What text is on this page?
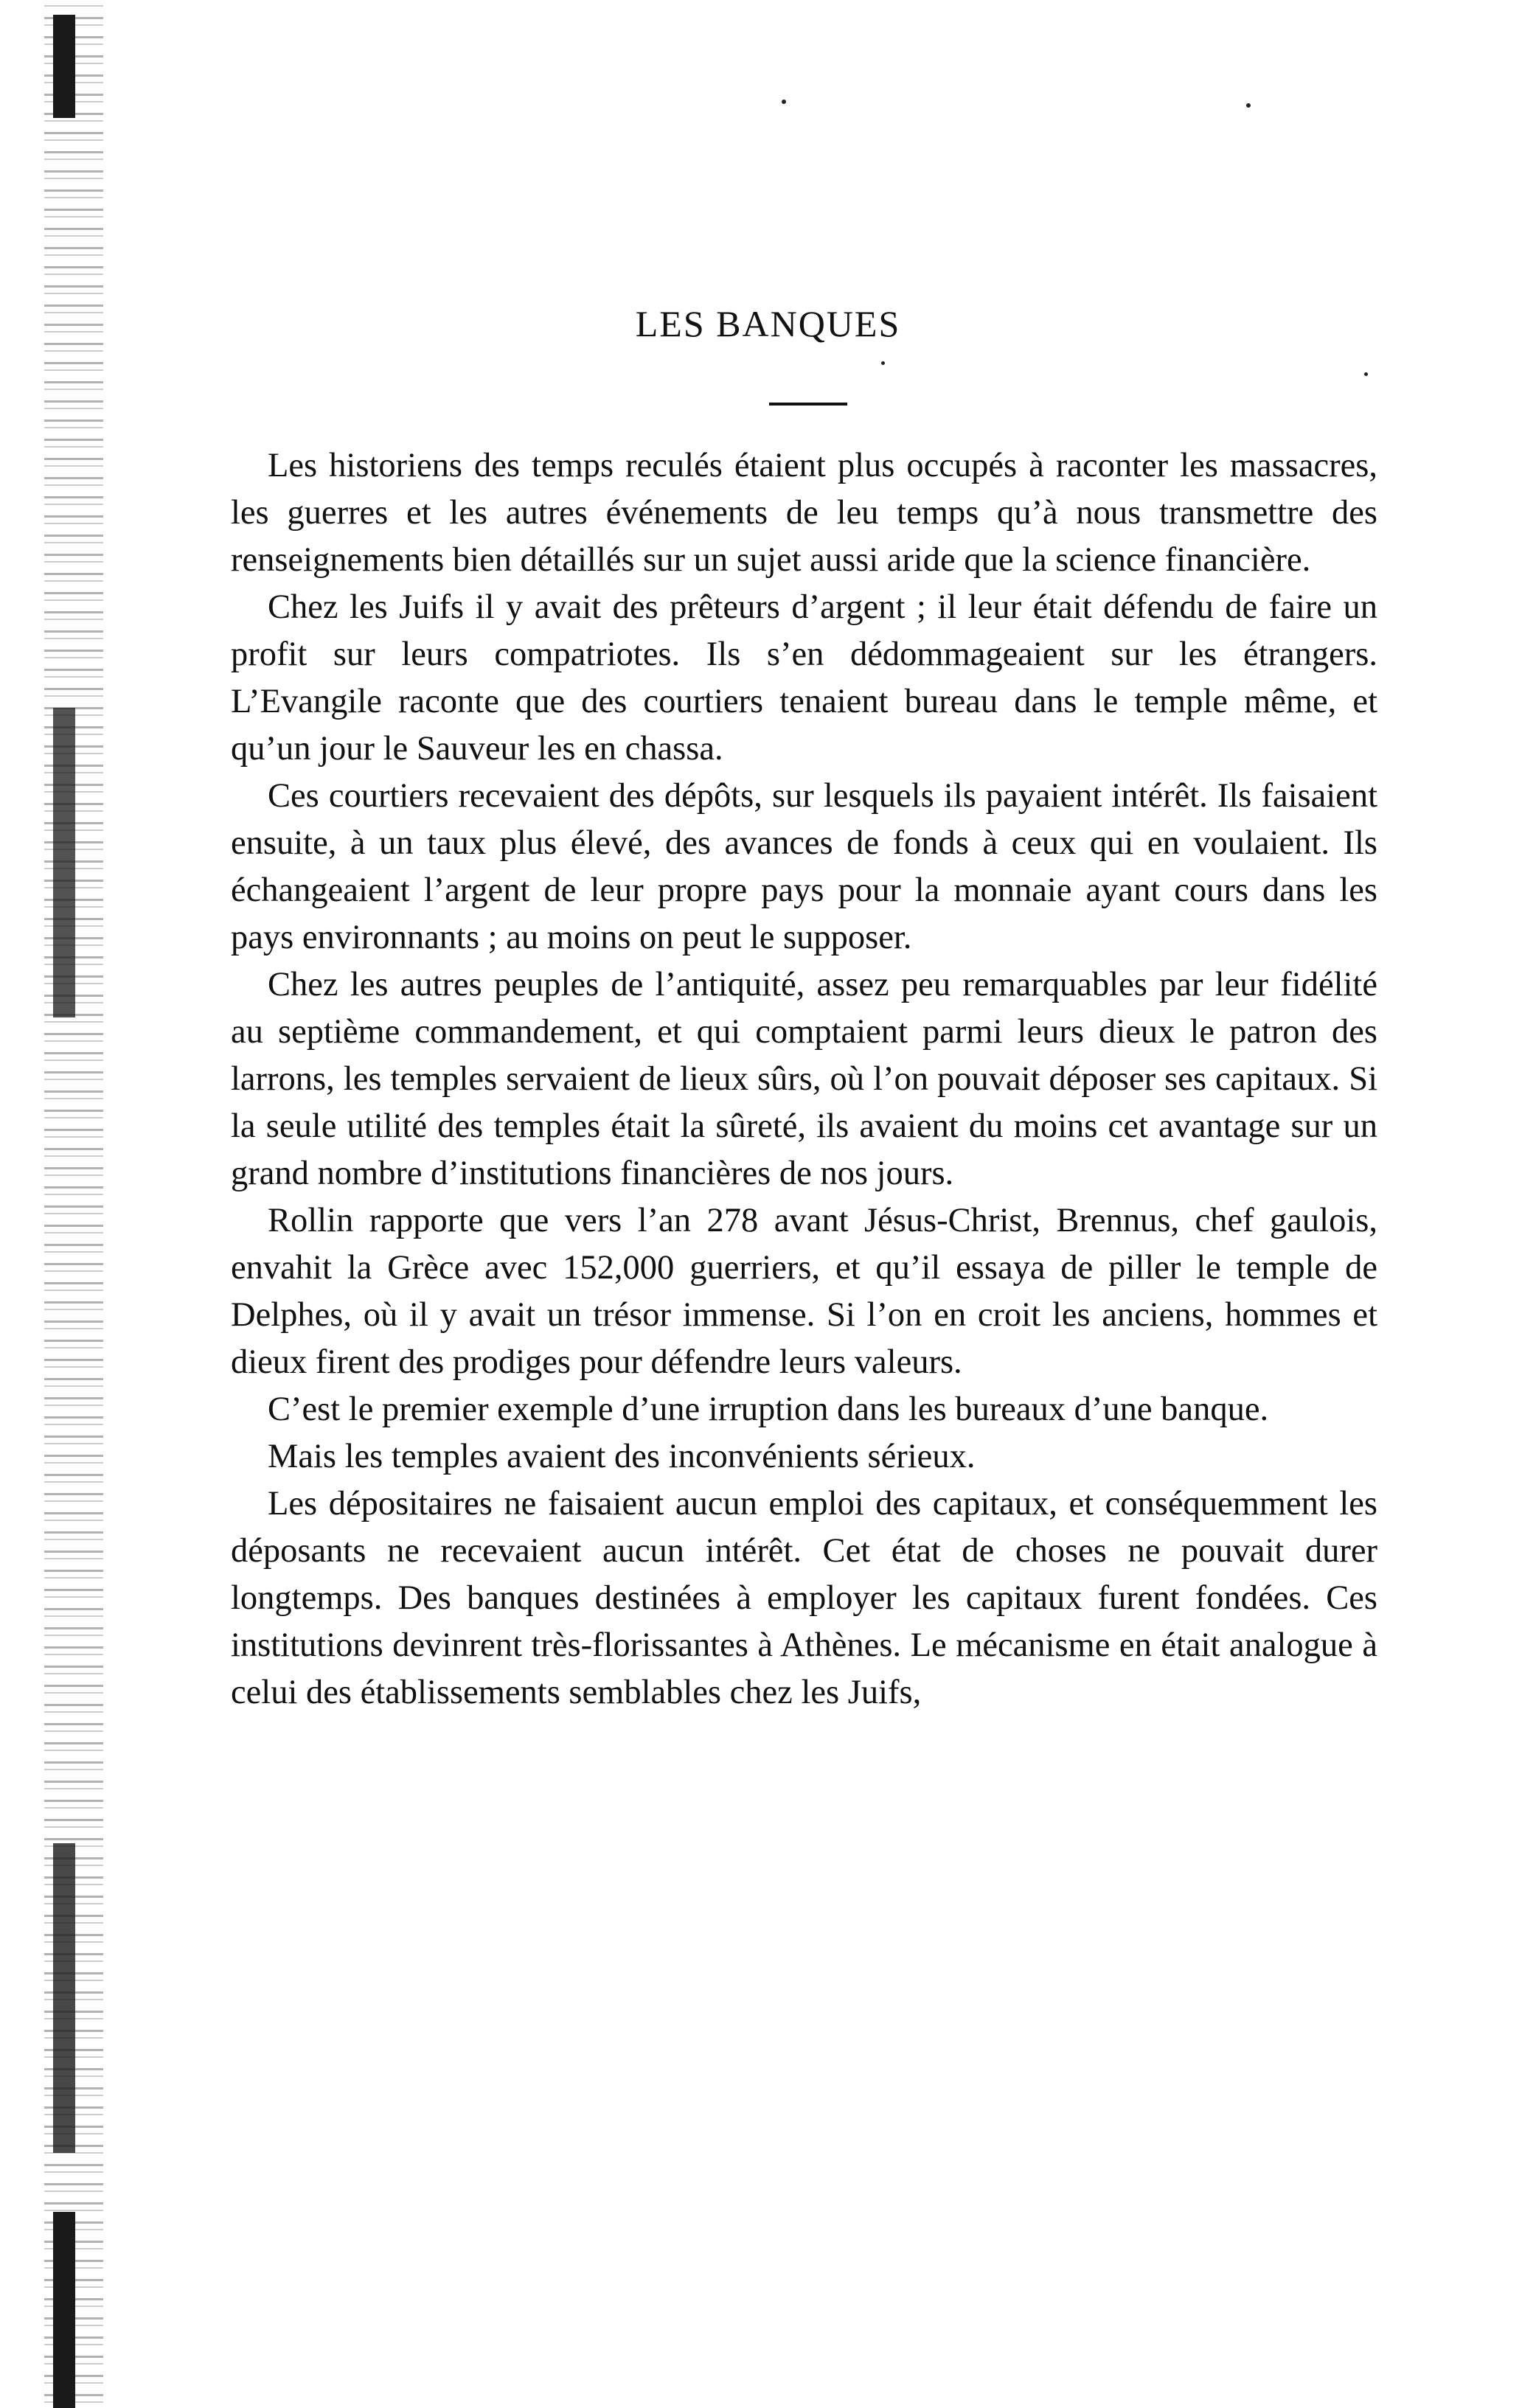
LES BANQUES

Les historiens des temps reculés étaient plus occupés à raconter les massacres, les guerres et les autres événements de leu temps qu’à nous transmettre des renseignements bien détaillés sur un sujet aussi aride que la science financière.

Chez les Juifs il y avait des prêteurs d’argent ; il leur était défendu de faire un profit sur leurs compatriotes. Ils s’en dédommageaient sur les étrangers. L’Evangile raconte que des courtiers tenaient bureau dans le temple même, et qu’un jour le Sauveur les en chassa.

Ces courtiers recevaient des dépôts, sur lesquels ils payaient intérêt. Ils faisaient ensuite, à un taux plus élevé, des avances de fonds à ceux qui en voulaient. Ils échangeaient l’argent de leur propre pays pour la monnaie ayant cours dans les pays environnants ; au moins on peut le supposer.

Chez les autres peuples de l’antiquité, assez peu remarquables par leur fidélité au septième commandement, et qui comptaient parmi leurs dieux le patron des larrons, les temples servaient de lieux sûrs, où l’on pouvait déposer ses capitaux. Si la seule utilité des temples était la sûreté, ils avaient du moins cet avantage sur un grand nombre d’institutions financières de nos jours.

Rollin rapporte que vers l’an 278 avant Jésus-Christ, Brennus, chef gaulois, envahit la Grèce avec 152,000 guerriers, et qu’il essaya de piller le temple de Delphes, où il y avait un trésor immense. Si l’on en croit les anciens, hommes et dieux firent des prodiges pour défendre leurs valeurs.

C’est le premier exemple d’une irruption dans les bureaux d’une banque.

Mais les temples avaient des inconvénients sérieux.

Les dépositaires ne faisaient aucun emploi des capitaux, et conséquemment les déposants ne recevaient aucun intérêt. Cet état de choses ne pouvait durer longtemps. Des banques destinées à employer les capitaux furent fondées. Ces institutions devinrent très-florissantes à Athènes. Le mécanisme en était analogue à celui des établissements semblables chez les Juifs,
